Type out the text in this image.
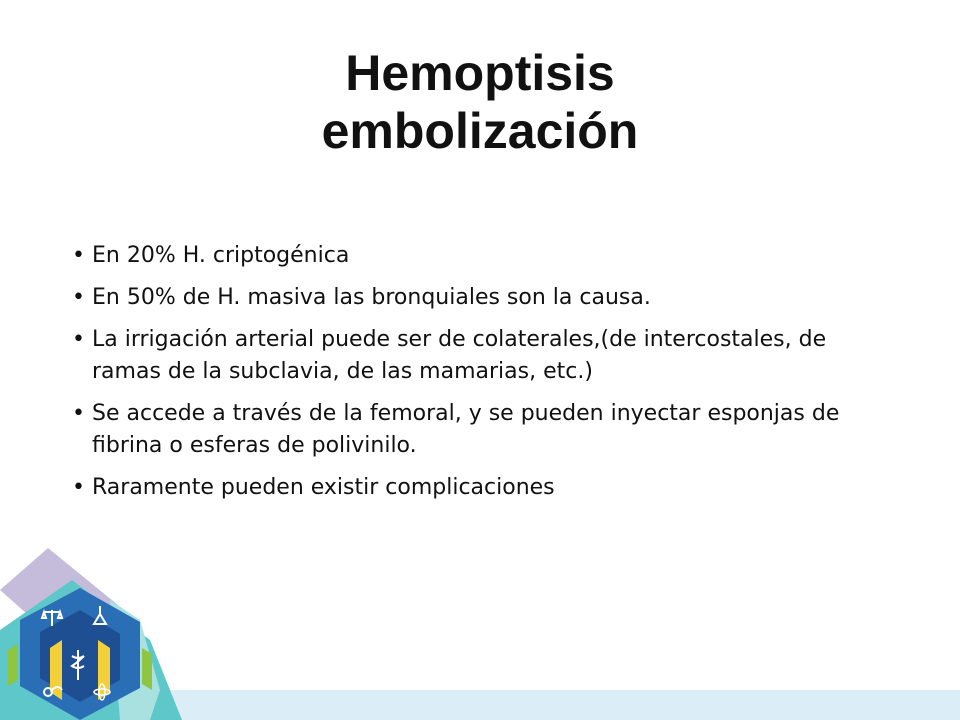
Hemoptisis
embolización
• En 20% H. criptogénica
• En 50% de H. masiva las bronquiales son la causa.
• La irrigación arterial puede ser de colaterales,(de intercostales, de ramas de la subclavia, de las mamarias, etc.)
• Se accede a través de la femoral, y se pueden inyectar esponjas de fibrina o esferas de polivinilo.
• Raramente pueden existir complicaciones
